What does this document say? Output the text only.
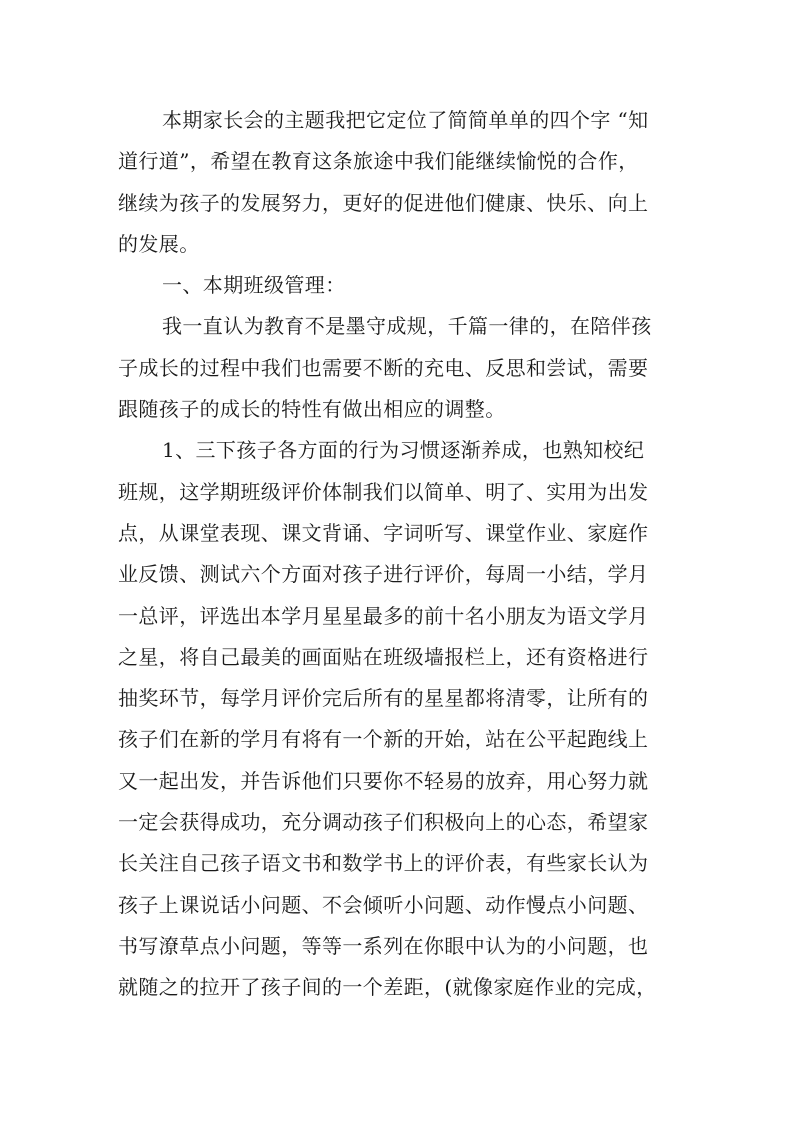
本期家长会的主题我把它定位了简简单单的四个字 “知
道行道”，希望在教育这条旅途中我们能继续愉悦的合作，
继续为孩子的发展努力，更好的促进他们健康、快乐、向上
的发展。
一、本期班级管理：
我一直认为教育不是墨守成规，千篇一律的，在陪伴孩
子成长的过程中我们也需要不断的充电、反思和尝试，需要
跟随孩子的成长的特性有做出相应的调整。
1、三下孩子各方面的行为习惯逐渐养成，也熟知校纪
班规，这学期班级评价体制我们以简单、明了、实用为出发
点，从课堂表现、课文背诵、字词听写、课堂作业、家庭作
业反馈、测试六个方面对孩子进行评价，每周一小结，学月
一总评，评选出本学月星星最多的前十名小朋友为语文学月
之星，将自己最美的画面贴在班级墙报栏上，还有资格进行
抽奖环节，每学月评价完后所有的星星都将清零，让所有的
孩子们在新的学月有将有一个新的开始，站在公平起跑线上
又一起出发，并告诉他们只要你不轻易的放弃，用心努力就
一定会获得成功，充分调动孩子们积极向上的心态，希望家
长关注自己孩子语文书和数学书上的评价表，有些家长认为
孩子上课说话小问题、不会倾听小问题、动作慢点小问题、
书写潦草点小问题，等等一系列在你眼中认为的小问题，也
就随之的拉开了孩子间的一个差距，(就像家庭作业的完成，
